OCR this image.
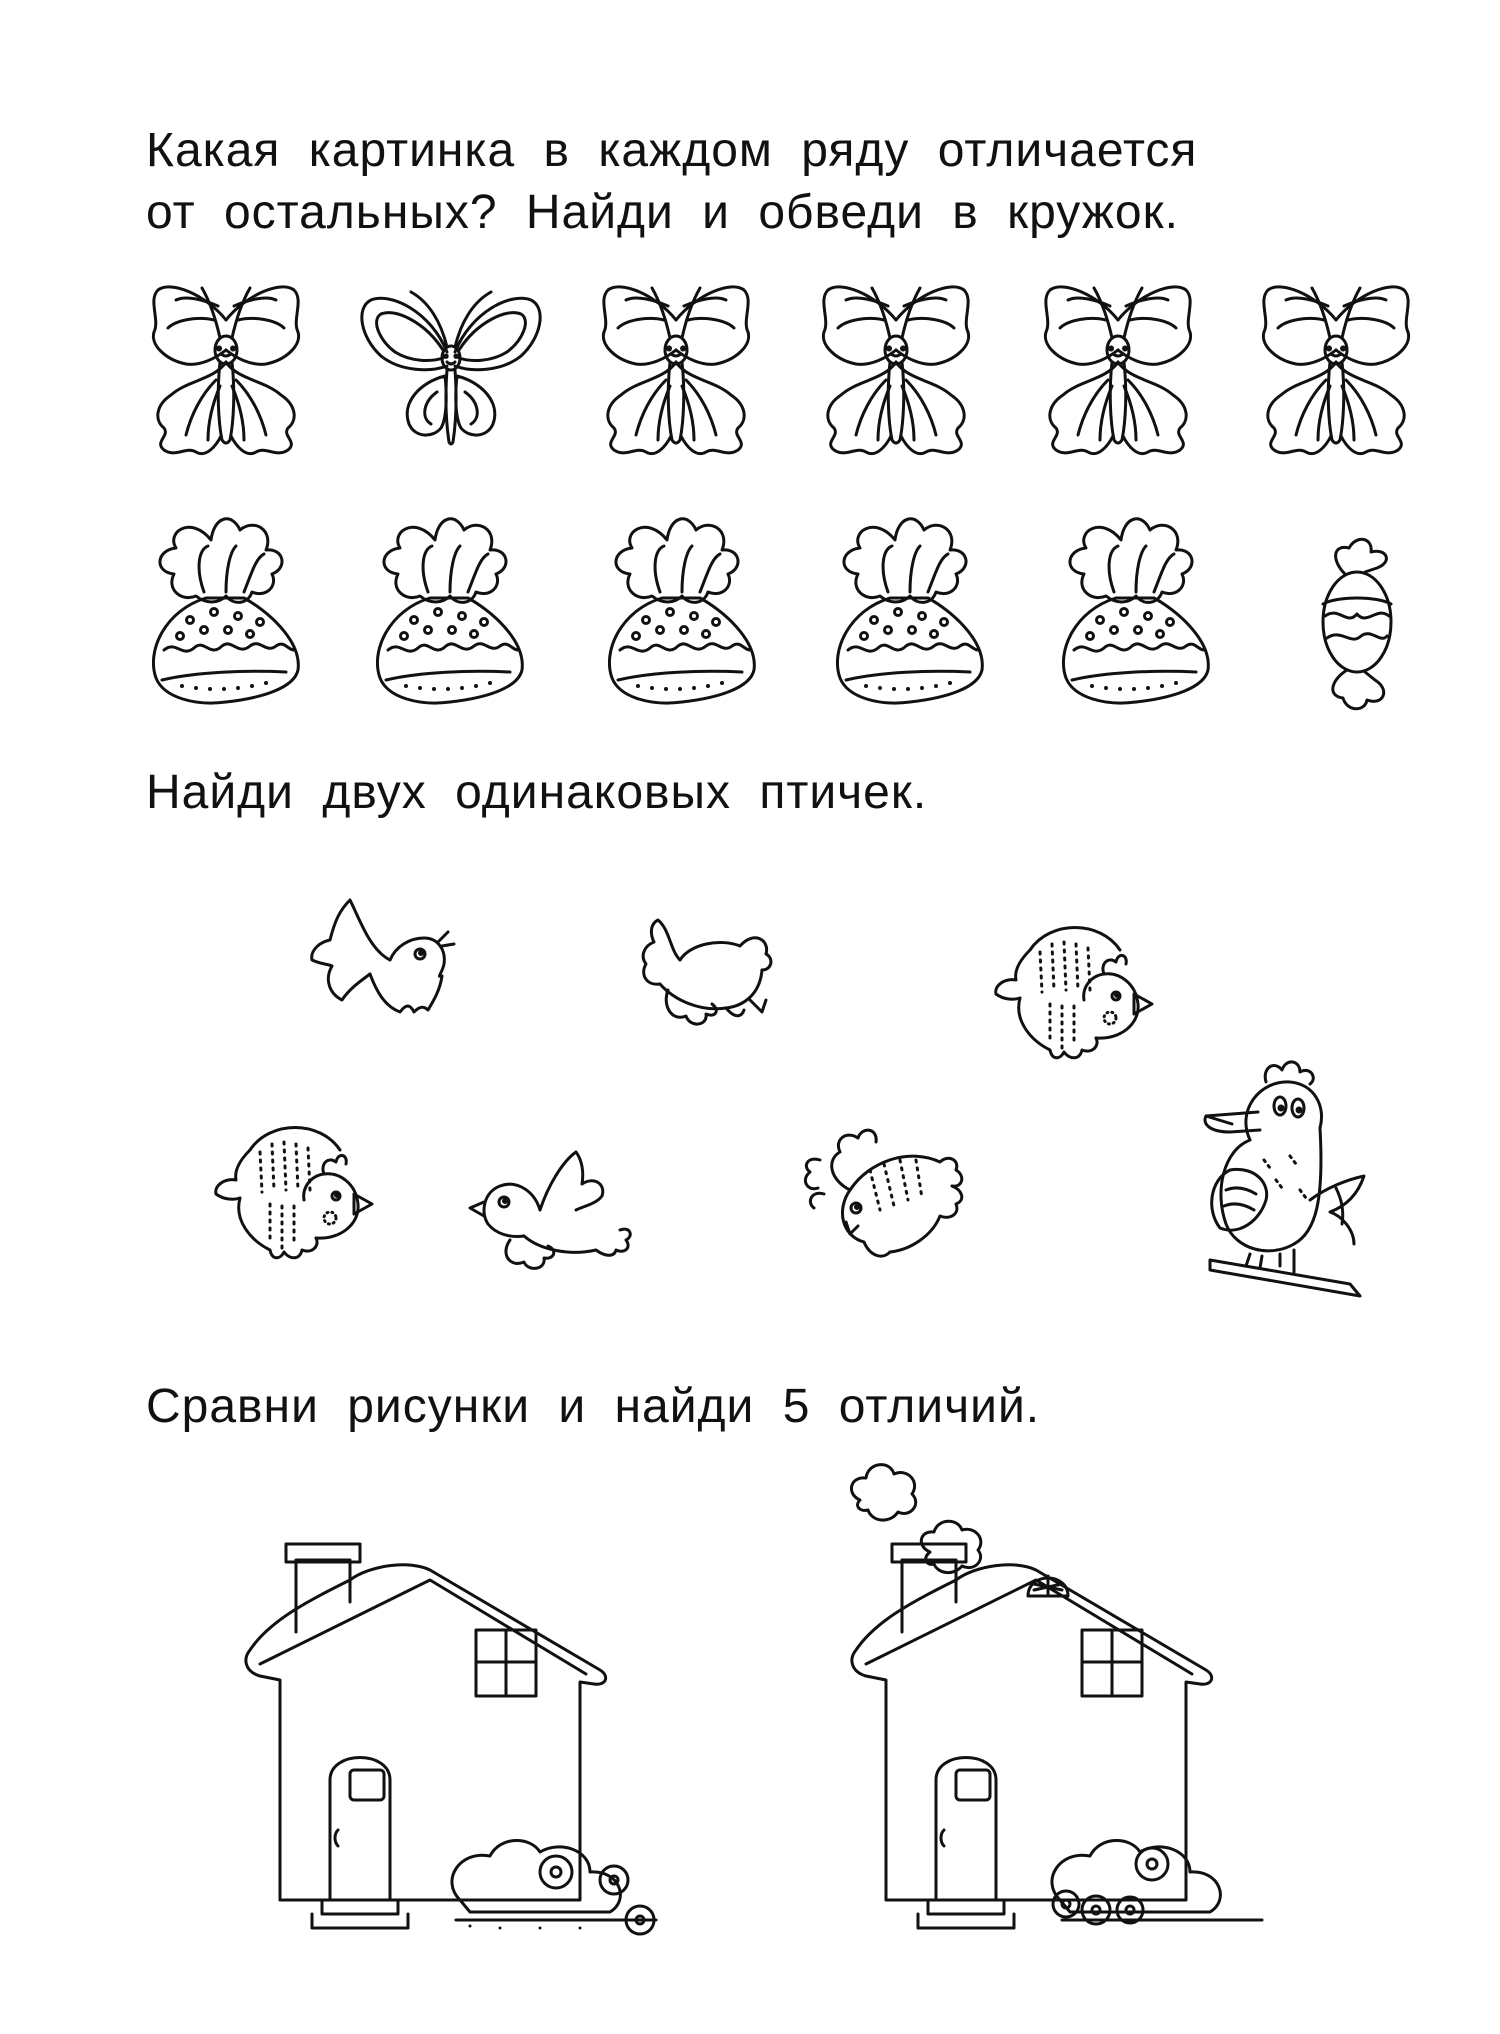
Какая картинка в каждом ряду отличается
от остальных? Найди и обведи в кружок.
Найди двух одинаковых птичек.
Сравни рисунки и найди 5 отличий.
